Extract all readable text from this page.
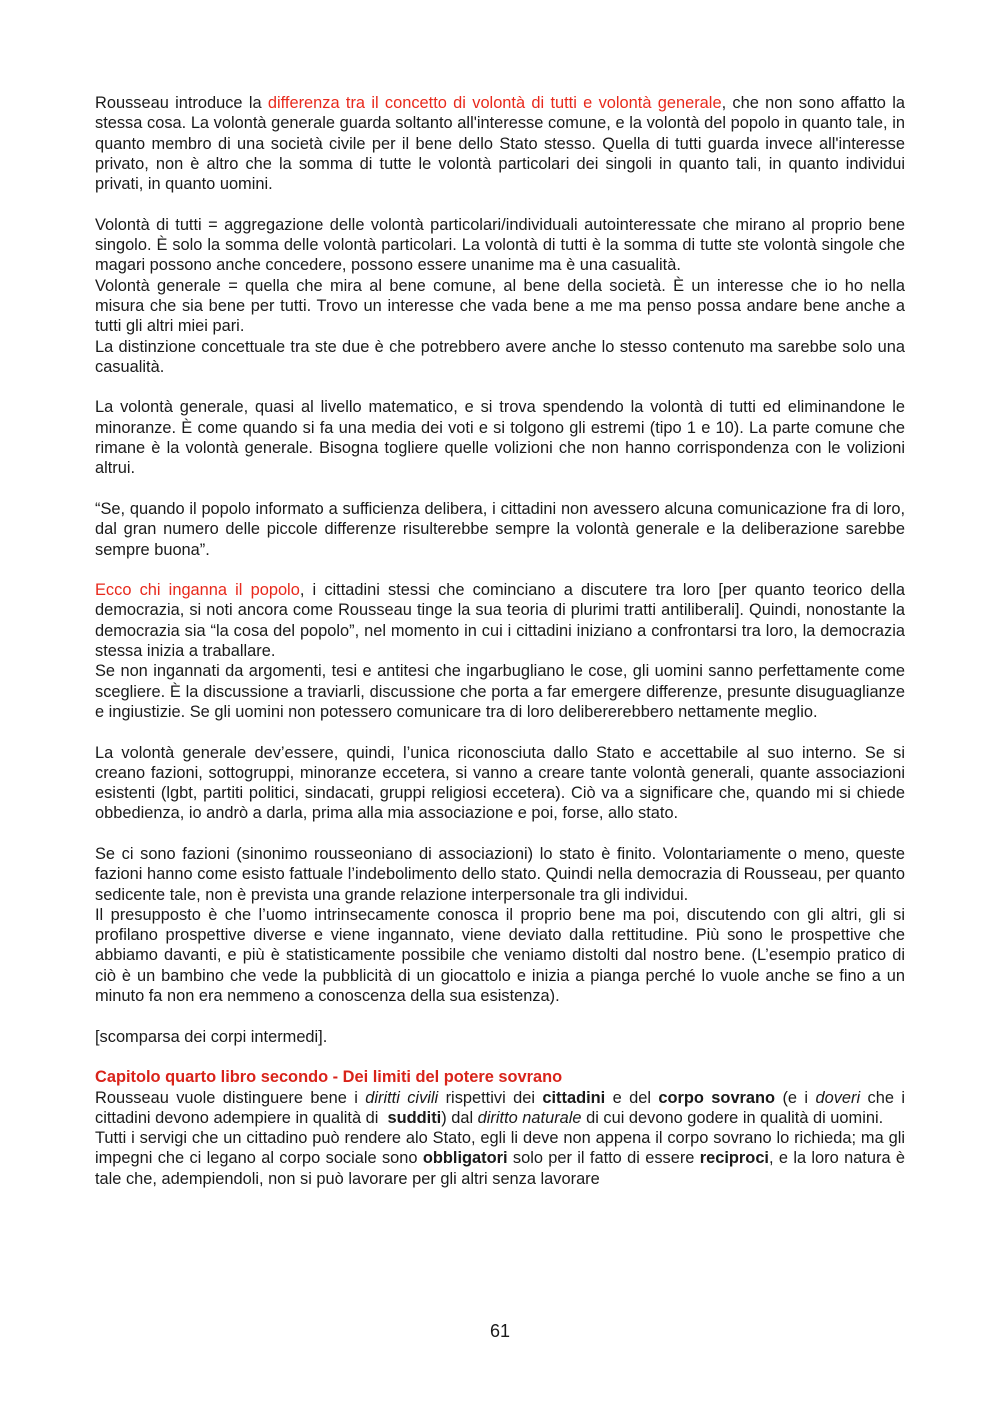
Rousseau introduce la differenza tra il concetto di volontà di tutti e volontà generale, che non sono affatto la stessa cosa. La volontà generale guarda soltanto all'interesse comune, e la volontà del popolo in quanto tale, in quanto membro di una società civile per il bene dello Stato stesso. Quella di tutti guarda invece all'interesse privato, non è altro che la somma di tutte le volontà particolari dei singoli in quanto tali, in quanto individui privati, in quanto uomini.

Volontà di tutti = aggregazione delle volontà particolari/individuali autointeressate che mirano al proprio bene singolo. È solo la somma delle volontà particolari. La volontà di tutti è la somma di tutte ste volontà singole che magari possono anche concedere, possono essere unanime ma è una casualità.

Volontà generale = quella che mira al bene comune, al bene della società. È un interesse che io ho nella misura che sia bene per tutti. Trovo un interesse che vada bene a me ma penso possa andare bene anche a tutti gli altri miei pari.

La distinzione concettuale tra ste due è che potrebbero avere anche lo stesso contenuto ma sarebbe solo una casualità.

La volontà generale, quasi al livello matematico, e si trova spendendo la volontà di tutti ed eliminandone le minoranze. È come quando si fa una media dei voti e si tolgono gli estremi (tipo 1 e 10). La parte comune che rimane è la volontà generale. Bisogna togliere quelle volizioni che non hanno corrispondenza con le volizioni altrui.

“Se, quando il popolo informato a sufficienza delibera, i cittadini non avessero alcuna comunicazione fra di loro, dal gran numero delle piccole differenze risulterebbe sempre la volontà generale e la deliberazione sarebbe sempre buona”.

Ecco chi inganna il popolo, i cittadini stessi che cominciano a discutere tra loro [per quanto teorico della democrazia, si noti ancora come Rousseau tinge la sua teoria di plurimi tratti antiliberali]. Quindi, nonostante la democrazia sia “la cosa del popolo”, nel momento in cui i cittadini iniziano a confrontarsi tra loro, la democrazia stessa inizia a traballare.

Se non ingannati da argomenti, tesi e antitesi che ingarbugliano le cose, gli uomini sanno perfettamente come scegliere. È la discussione a traviarli, discussione che porta a far emergere differenze, presunte disuguaglianze e ingiustizie. Se gli uomini non potessero comunicare tra di loro delibererebbero nettamente meglio.

La volontà generale dev’essere, quindi, l’unica riconosciuta dallo Stato e accettabile al suo interno. Se si creano fazioni, sottogruppi, minoranze eccetera, si vanno a creare tante volontà generali, quante associazioni esistenti (lgbt, partiti politici, sindacati, gruppi religiosi eccetera). Ciò va a significare che, quando mi si chiede obbedienza, io andrò a darla, prima alla mia associazione e poi, forse, allo stato.

Se ci sono fazioni (sinonimo rousseoniano di associazioni) lo stato è finito. Volontariamente o meno, queste fazioni hanno come esisto fattuale l’indebolimento dello stato. Quindi nella democrazia di Rousseau, per quanto sedicente tale, non è prevista una grande relazione interpersonale tra gli individui.

Il presupposto è che l’uomo intrinsecamente conosca il proprio bene ma poi, discutendo con gli altri, gli si profilano prospettive diverse e viene ingannato, viene deviato dalla rettitudine. Più sono le prospettive che abbiamo davanti, e più è statisticamente possibile che veniamo distolti dal nostro bene. (L’esempio pratico di ciò è un bambino che vede la pubblicità di un giocattolo e inizia a pianga perché lo vuole anche se fino a un minuto fa non era nemmeno a conoscenza della sua esistenza).

[scomparsa dei corpi intermedi].

Capitolo quarto libro secondo - Dei limiti del potere sovrano

Rousseau vuole distinguere bene i diritti civili rispettivi dei cittadini e del corpo sovrano (e i doveri che i cittadini devono adempiere in qualità di  sudditi) dal diritto naturale di cui devono godere in qualità di uomini.

Tutti i servigi che un cittadino può rendere alo Stato, egli li deve non appena il corpo sovrano lo richieda; ma gli impegni che ci legano al corpo sociale sono obbligatori solo per il fatto di essere reciproci, e la loro natura è tale che, adempiendoli, non si può lavorare per gli altri senza lavorare

61
